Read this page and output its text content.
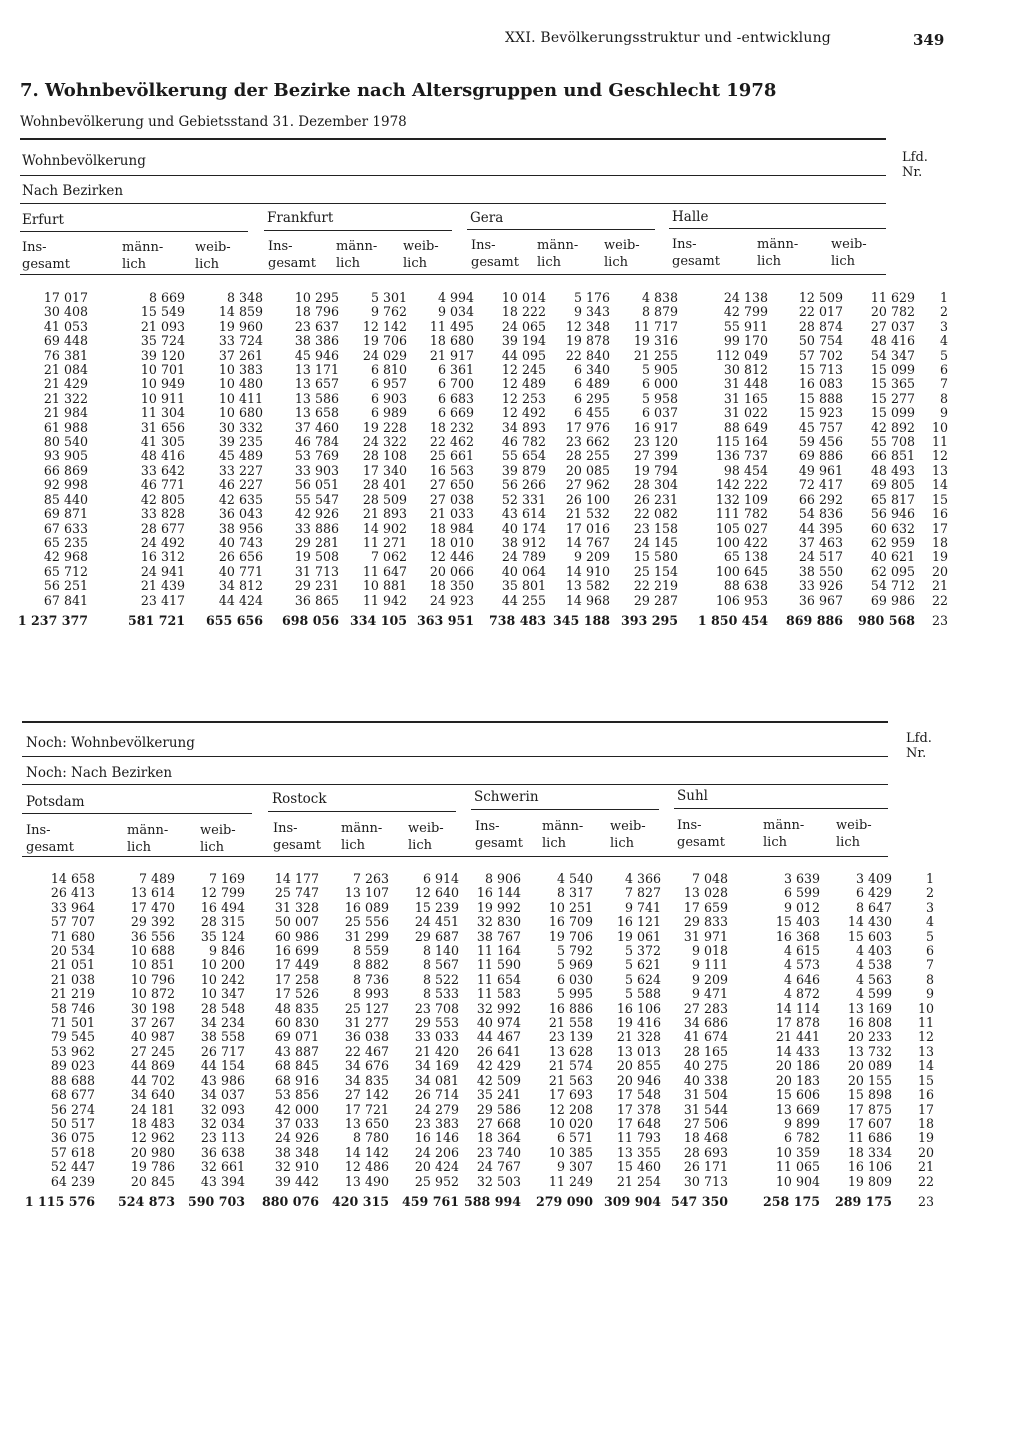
XXI. Bevölkerungsstruktur und -entwicklung	349
7. Wohnbevölkerung der Bezirke nach Altersgruppen und Geschlecht 1978
Wohnbevölkerung und Gebietsstand 31. Dezember 1978
Wohnbevölkerung
Nach Bezirken
Lfd.
Nr.
Erfurt	Frankfurt	Gera	Halle
Ins-
gesamt
männ-
lich
weib-
lich
Ins-
gesamt
männ-
lich
weib-
lich
Ins-
gesamt
männ-
lich
weib-
lich
Ins-
gesamt
männ-
lich
weib-
lich
17 017	8 669	8 348	10 295	5 301	4 994	10 014	5 176	4 838	24 138	12 509	11 629	1
30 408	15 549	14 859	18 796	9 762	9 034	18 222	9 343	8 879	42 799	22 017	20 782	2
41 053	21 093	19 960	23 637	12 142	11 495	24 065	12 348	11 717	55 911	28 874	27 037	3
69 448	35 724	33 724	38 386	19 706	18 680	39 194	19 878	19 316	99 170	50 754	48 416	4
76 381	39 120	37 261	45 946	24 029	21 917	44 095	22 840	21 255	112 049	57 702	54 347	5
21 084	10 701	10 383	13 171	6 810	6 361	12 245	6 340	5 905	30 812	15 713	15 099	6
21 429	10 949	10 480	13 657	6 957	6 700	12 489	6 489	6 000	31 448	16 083	15 365	7
21 322	10 911	10 411	13 586	6 903	6 683	12 253	6 295	5 958	31 165	15 888	15 277	8
21 984	11 304	10 680	13 658	6 989	6 669	12 492	6 455	6 037	31 022	15 923	15 099	9
61 988	31 656	30 332	37 460	19 228	18 232	34 893	17 976	16 917	88 649	45 757	42 892	10
80 540	41 305	39 235	46 784	24 322	22 462	46 782	23 662	23 120	115 164	59 456	55 708	11
93 905	48 416	45 489	53 769	28 108	25 661	55 654	28 255	27 399	136 737	69 886	66 851	12
66 869	33 642	33 227	33 903	17 340	16 563	39 879	20 085	19 794	98 454	49 961	48 493	13
92 998	46 771	46 227	56 051	28 401	27 650	56 266	27 962	28 304	142 222	72 417	69 805	14
85 440	42 805	42 635	55 547	28 509	27 038	52 331	26 100	26 231	132 109	66 292	65 817	15
69 871	33 828	36 043	42 926	21 893	21 033	43 614	21 532	22 082	111 782	54 836	56 946	16
67 633	28 677	38 956	33 886	14 902	18 984	40 174	17 016	23 158	105 027	44 395	60 632	17
65 235	24 492	40 743	29 281	11 271	18 010	38 912	14 767	24 145	100 422	37 463	62 959	18
42 968	16 312	26 656	19 508	7 062	12 446	24 789	9 209	15 580	65 138	24 517	40 621	19
65 712	24 941	40 771	31 713	11 647	20 066	40 064	14 910	25 154	100 645	38 550	62 095	20
56 251	21 439	34 812	29 231	10 881	18 350	35 801	13 582	22 219	88 638	33 926	54 712	21
67 841	23 417	44 424	36 865	11 942	24 923	44 255	14 968	29 287	106 953	36 967	69 986	22
1 237 377	581 721	655 656	698 056	334 105	363 951	738 483	345 188	393 295	1 850 454	869 886	980 568	23
Noch: Wohnbevölkerung
Noch: Nach Bezirken
Lfd.
Nr.
Potsdam	Rostock	Schwerin	Suhl
Ins-
gesamt
männ-
lich
weib-
lich
Ins-
gesamt
männ-
lich
weib-
lich
Ins-
gesamt
männ-
lich
weib-
lich
Ins-
gesamt
männ-
lich
weib-
lich
14 658	7 489	7 169	14 177	7 263	6 914	8 906	4 540	4 366	7 048	3 639	3 409	1
26 413	13 614	12 799	25 747	13 107	12 640	16 144	8 317	7 827	13 028	6 599	6 429	2
33 964	17 470	16 494	31 328	16 089	15 239	19 992	10 251	9 741	17 659	9 012	8 647	3
57 707	29 392	28 315	50 007	25 556	24 451	32 830	16 709	16 121	29 833	15 403	14 430	4
71 680	36 556	35 124	60 986	31 299	29 687	38 767	19 706	19 061	31 971	16 368	15 603	5
20 534	10 688	9 846	16 699	8 559	8 140	11 164	5 792	5 372	9 018	4 615	4 403	6
21 051	10 851	10 200	17 449	8 882	8 567	11 590	5 969	5 621	9 111	4 573	4 538	7
21 038	10 796	10 242	17 258	8 736	8 522	11 654	6 030	5 624	9 209	4 646	4 563	8
21 219	10 872	10 347	17 526	8 993	8 533	11 583	5 995	5 588	9 471	4 872	4 599	9
58 746	30 198	28 548	48 835	25 127	23 708	32 992	16 886	16 106	27 283	14 114	13 169	10
71 501	37 267	34 234	60 830	31 277	29 553	40 974	21 558	19 416	34 686	17 878	16 808	11
79 545	40 987	38 558	69 071	36 038	33 033	44 467	23 139	21 328	41 674	21 441	20 233	12
53 962	27 245	26 717	43 887	22 467	21 420	26 641	13 628	13 013	28 165	14 433	13 732	13
89 023	44 869	44 154	68 845	34 676	34 169	42 429	21 574	20 855	40 275	20 186	20 089	14
88 688	44 702	43 986	68 916	34 835	34 081	42 509	21 563	20 946	40 338	20 183	20 155	15
68 677	34 640	34 037	53 856	27 142	26 714	35 241	17 693	17 548	31 504	15 606	15 898	16
56 274	24 181	32 093	42 000	17 721	24 279	29 586	12 208	17 378	31 544	13 669	17 875	17
50 517	18 483	32 034	37 033	13 650	23 383	27 668	10 020	17 648	27 506	9 899	17 607	18
36 075	12 962	23 113	24 926	8 780	16 146	18 364	6 571	11 793	18 468	6 782	11 686	19
57 618	20 980	36 638	38 348	14 142	24 206	23 740	10 385	13 355	28 693	10 359	18 334	20
52 447	19 786	32 661	32 910	12 486	20 424	24 767	9 307	15 460	26 171	11 065	16 106	21
64 239	20 845	43 394	39 442	13 490	25 952	32 503	11 249	21 254	30 713	10 904	19 809	22
1 115 576	524 873	590 703	880 076	420 315	459 761	588 994	279 090	309 904	547 350	258 175	289 175	23
